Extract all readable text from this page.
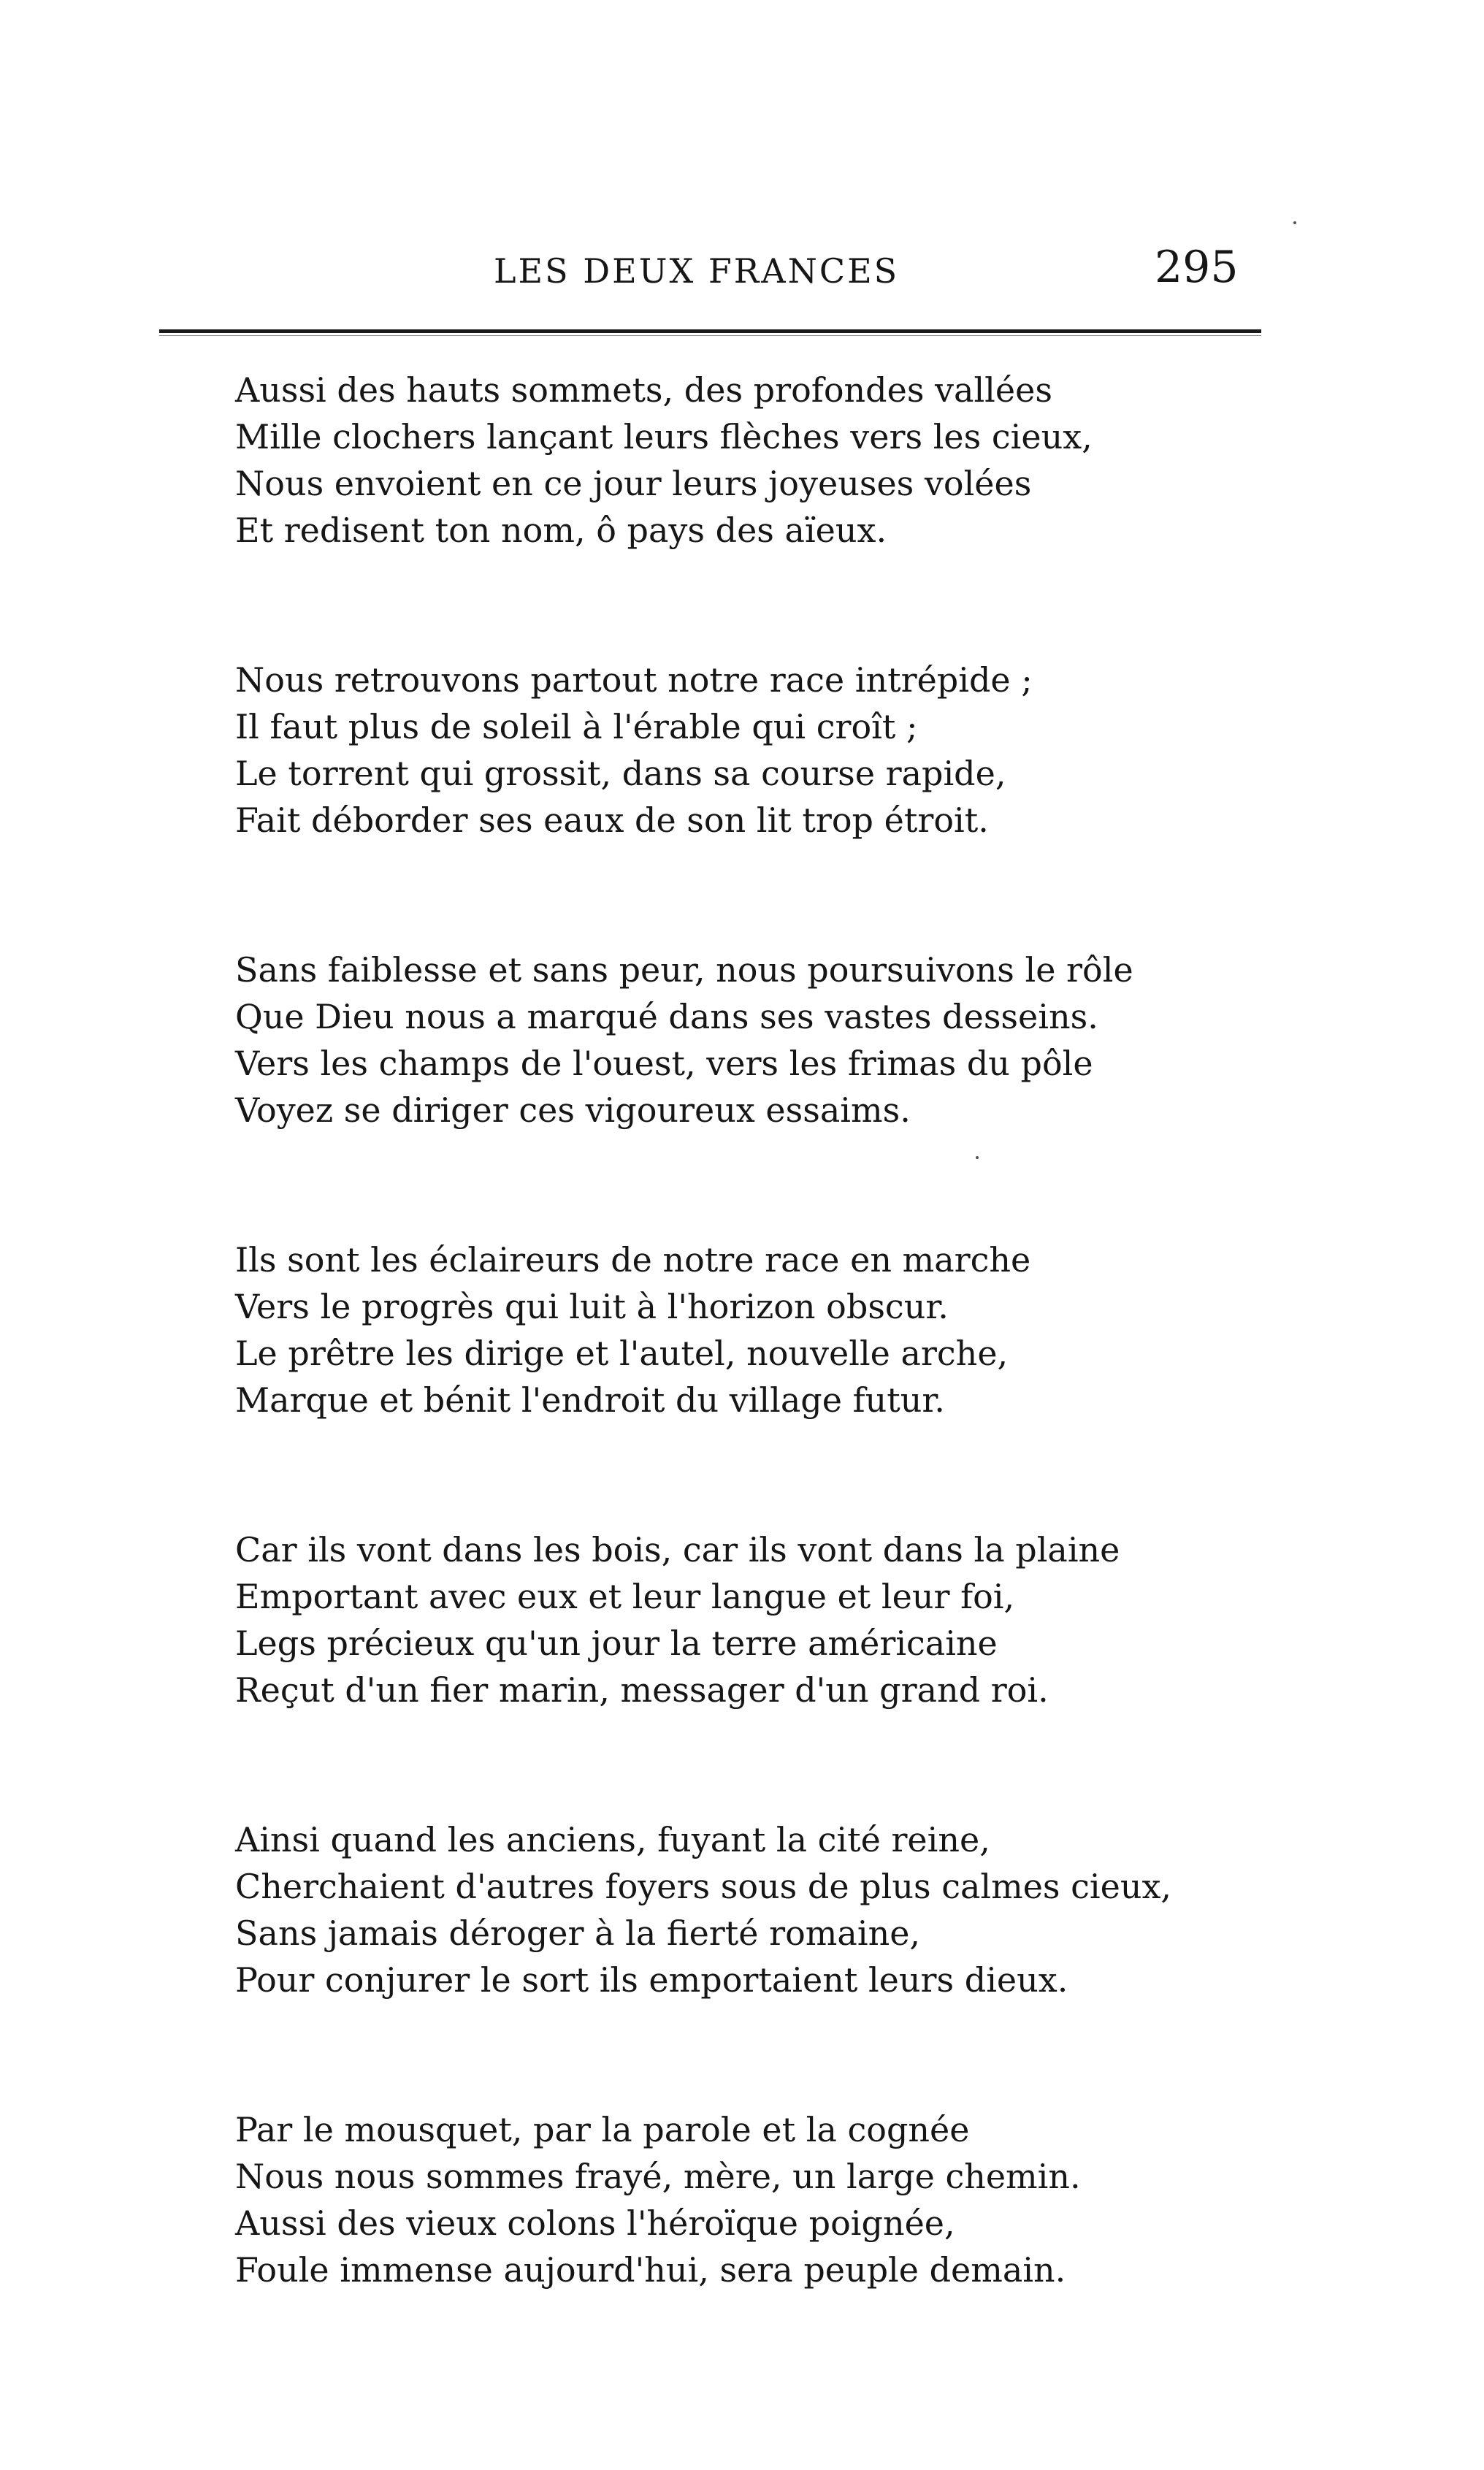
LES DEUX FRANCES	295
Aussi des hauts sommets, des profondes vallées
Mille clochers lançant leurs flèches vers les cieux,
Nous envoient en ce jour leurs joyeuses volées
Et redisent ton nom, ô pays des aïeux.
Nous retrouvons partout notre race intrépide ;
Il faut plus de soleil à l'érable qui croît ;
Le torrent qui grossit, dans sa course rapide,
Fait déborder ses eaux de son lit trop étroit.
Sans faiblesse et sans peur, nous poursuivons le rôle
Que Dieu nous a marqué dans ses vastes desseins.
Vers les champs de l'ouest, vers les frimas du pôle
Voyez se diriger ces vigoureux essaims.
Ils sont les éclaireurs de notre race en marche
Vers le progrès qui luit à l'horizon obscur.
Le prêtre les dirige et l'autel, nouvelle arche,
Marque et bénit l'endroit du village futur.
Car ils vont dans les bois, car ils vont dans la plaine
Emportant avec eux et leur langue et leur foi,
Legs précieux qu'un jour la terre américaine
Reçut d'un fier marin, messager d'un grand roi.
Ainsi quand les anciens, fuyant la cité reine,
Cherchaient d'autres foyers sous de plus calmes cieux,
Sans jamais déroger à la fierté romaine,
Pour conjurer le sort ils emportaient leurs dieux.
Par le mousquet, par la parole et la cognée
Nous nous sommes frayé, mère, un large chemin.
Aussi des vieux colons l'héroïque poignée,
Foule immense aujourd'hui, sera peuple demain.
